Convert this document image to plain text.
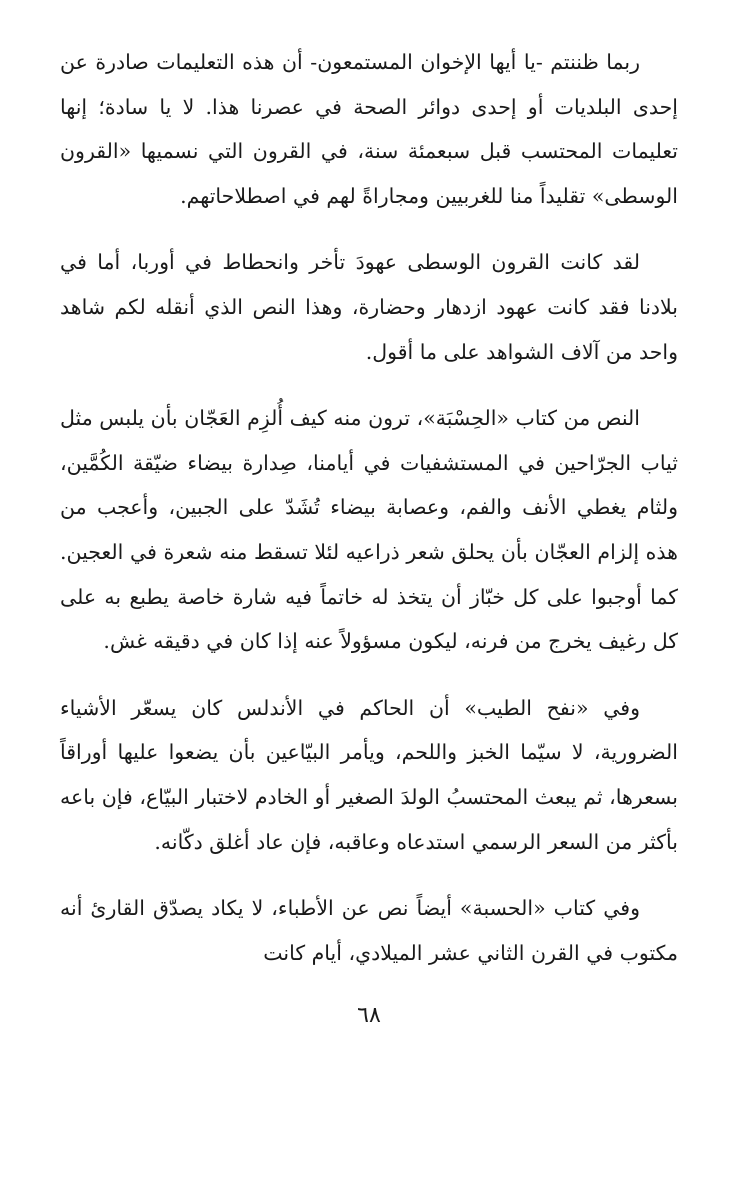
ربما ظننتم -يا أيها الإخوان المستمعون- أن هذه التعليمات صادرة عن إحدى البلديات أو إحدى دوائر الصحة في عصرنا هذا. لا يا سادة؛ إنها تعليمات المحتسب قبل سبعمئة سنة، في القرون التي نسميها «القرون الوسطى» تقليداً منا للغربيين ومجاراةً لهم في اصطلاحاتهم.

لقد كانت القرون الوسطى عهودَ تأخر وانحطاط في أوربا، أما في بلادنا فقد كانت عهود ازدهار وحضارة، وهذا النص الذي أنقله لكم شاهد واحد من آلاف الشواهد على ما أقول.

النص من كتاب «الحِسْبَة»، ترون منه كيف أُلزِم العَجّان بأن يلبس مثل ثياب الجرّاحين في المستشفيات في أيامنا، صِدارة بيضاء ضيّقة الكُمَّين، ولثام يغطي الأنف والفم، وعصابة بيضاء تُشَدّ على الجبين، وأعجب من هذه إلزام العجّان بأن يحلق شعر ذراعيه لئلا تسقط منه شعرة في العجين. كما أوجبوا على كل خبّاز أن يتخذ له خاتماً فيه شارة خاصة يطبع به على كل رغيف يخرج من فرنه، ليكون مسؤولاً عنه إذا كان في دقيقه غش.

وفي «نفح الطيب» أن الحاكم في الأندلس كان يسعّر الأشياء الضرورية، لا سيّما الخبز واللحم، ويأمر البيّاعين بأن يضعوا عليها أوراقاً بسعرها، ثم يبعث المحتسبُ الولدَ الصغير أو الخادم لاختبار البيّاع، فإن باعه بأكثر من السعر الرسمي استدعاه وعاقبه، فإن عاد أغلق دكّانه.

وفي كتاب «الحسبة» أيضاً نص عن الأطباء، لا يكاد يصدّق القارئ أنه مكتوب في القرن الثاني عشر الميلادي، أيام كانت

٦٨
